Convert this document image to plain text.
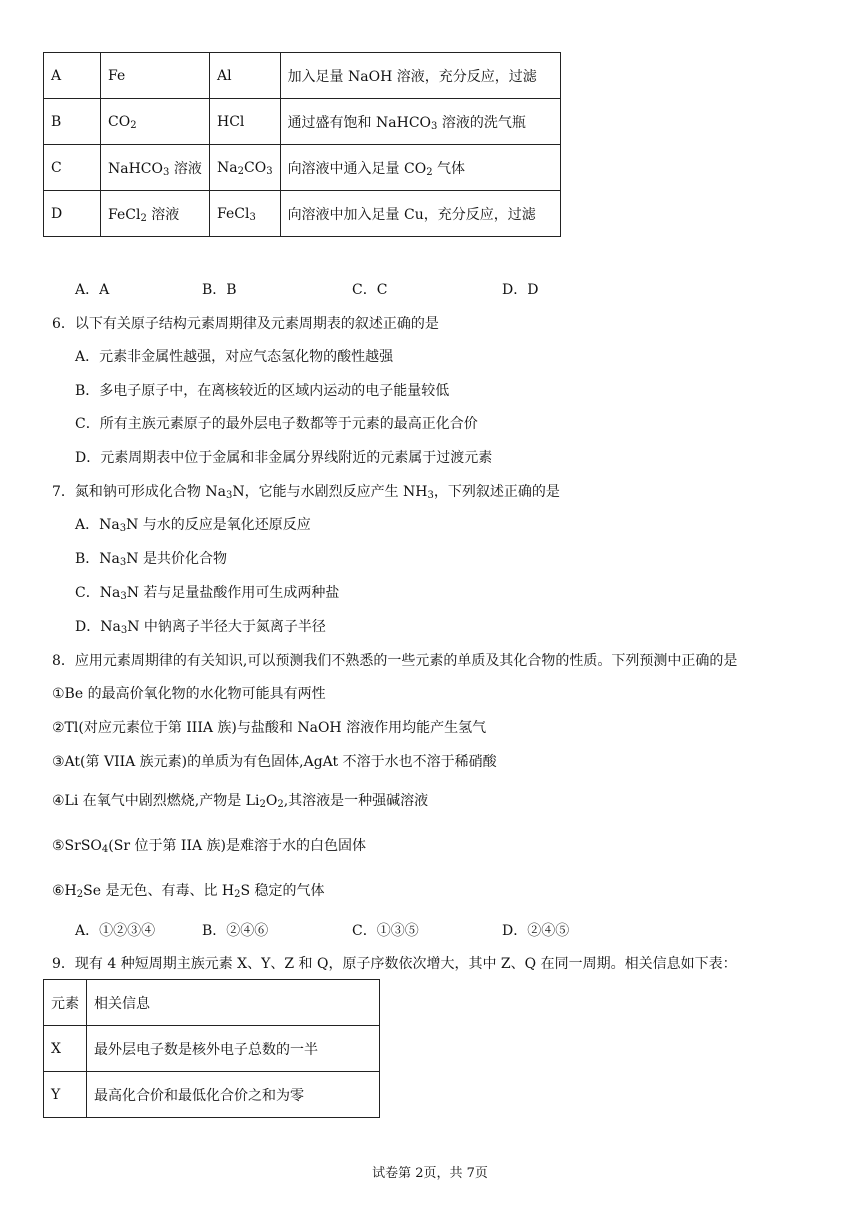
A	Fe	Al	加入足量 NaOH 溶液，充分反应，过滤
B	$CO_2$	HCl	通过盛有饱和 NaHCO$_3$ 溶液的洗气瓶
C	NaHCO$_3$ 溶液	$Na_2CO_3$	向溶液中通入足量 $CO_2$ 气体
D	FeCl$_2$ 溶液	FeCl$_3$	向溶液中加入足量 Cu，充分反应，过滤
A．A	B．B	C．C	D．D
6．以下有关原子结构元素周期律及元素周期表的叙述正确的是
A．元素非金属性越强，对应气态氢化物的酸性越强
B．多电子原子中，在离核较近的区域内运动的电子能量较低
C．所有主族元素原子的最外层电子数都等于元素的最高正化合价
D．元素周期表中位于金属和非金属分界线附近的元素属于过渡元素
7．氮和钠可形成化合物 $Na_3N$，它能与水剧烈反应产生 $NH_3$，下列叙述正确的是
A．$Na_3N$ 与水的反应是氧化还原反应
B．$Na_3N$ 是共价化合物
C．$Na_3N$ 若与足量盐酸作用可生成两种盐
D．$Na_3N$ 中钠离子半径大于氮离子半径
8．应用元素周期律的有关知识,可以预测我们不熟悉的一些元素的单质及其化合物的性质。下列预测中正确的是
①Be 的最高价氧化物的水化物可能具有两性
②Tl(对应元素位于第 IIIA 族)与盐酸和 NaOH 溶液作用均能产生氢气
③At(第 VIIA 族元素)的单质为有色固体,AgAt 不溶于水也不溶于稀硝酸
④Li 在氧气中剧烈燃烧,产物是 $Li_2O_2$,其溶液是一种强碱溶液
⑤SrSO$_4$(Sr 位于第 IIA 族)是难溶于水的白色固体
$⑥H_2Se$ 是无色、有毒、比 $H_2S$ 稳定的气体
A．①②③④	B．②④⑥	C．①③⑤	D．②④⑤
9．现有 4 种短周期主族元素 X、Y、Z 和 Q，原子序数依次增大，其中 Z、Q 在同一周期。相关信息如下表：
元素	相关信息
X	最外层电子数是核外电子总数的一半
Y	最高化合价和最低化合价之和为零
试卷第 2页，共 7页
